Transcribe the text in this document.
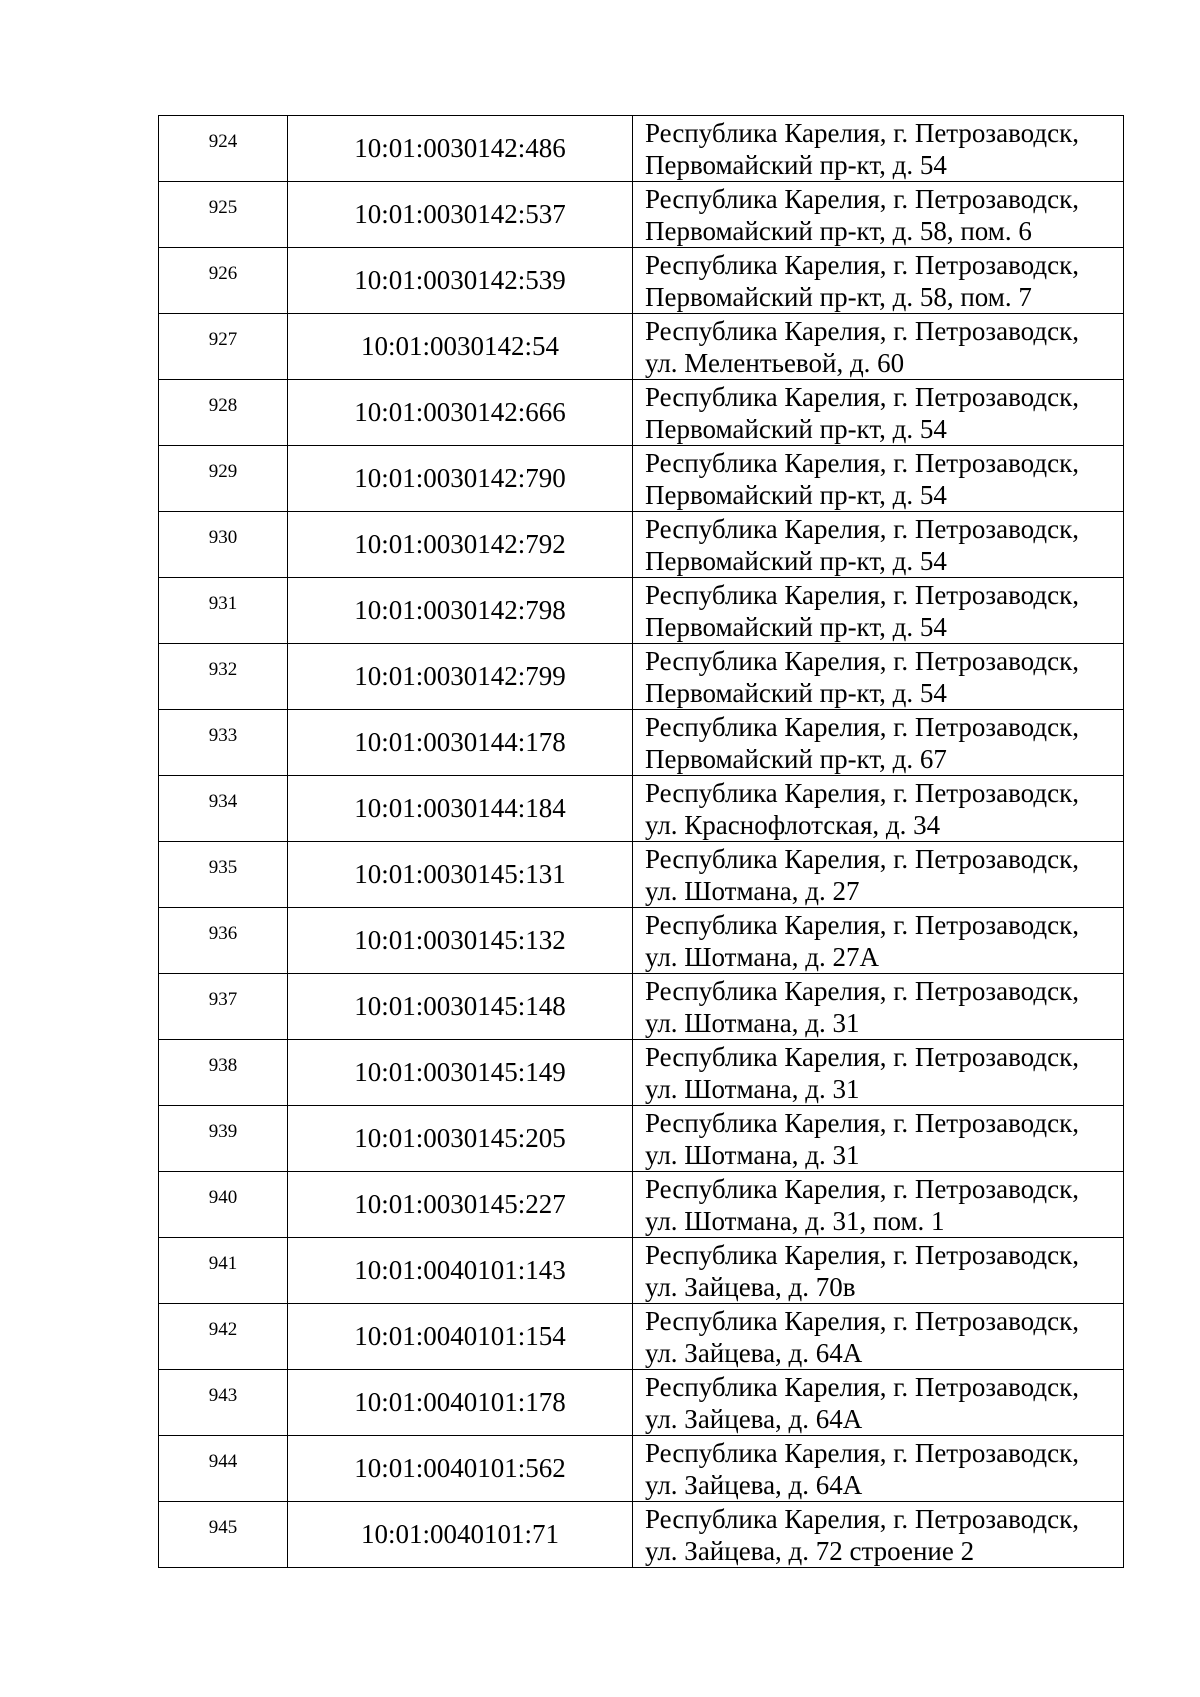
924	10:01:0030142:486	Республика Карелия, г. Петрозаводск,
Первомайский пр-кт, д. 54

925	10:01:0030142:537	Республика Карелия, г. Петрозаводск,
Первомайский пр-кт, д. 58, пом. 6

926	10:01:0030142:539	Республика Карелия, г. Петрозаводск,
Первомайский пр-кт, д. 58, пом. 7

927	10:01:0030142:54	Республика Карелия, г. Петрозаводск,
ул. Мелентьевой, д. 60

928	10:01:0030142:666	Республика Карелия, г. Петрозаводск,
Первомайский пр-кт, д. 54

929	10:01:0030142:790	Республика Карелия, г. Петрозаводск,
Первомайский пр-кт, д. 54

930	10:01:0030142:792	Республика Карелия, г. Петрозаводск,
Первомайский пр-кт, д. 54

931	10:01:0030142:798	Республика Карелия, г. Петрозаводск,
Первомайский пр-кт, д. 54

932	10:01:0030142:799	Республика Карелия, г. Петрозаводск,
Первомайский пр-кт, д. 54

933	10:01:0030144:178	Республика Карелия, г. Петрозаводск,
Первомайский пр-кт, д. 67

934	10:01:0030144:184	Республика Карелия, г. Петрозаводск,
ул. Краснофлотская, д. 34

935	10:01:0030145:131	Республика Карелия, г. Петрозаводск,
ул. Шотмана, д. 27

936	10:01:0030145:132	Республика Карелия, г. Петрозаводск,
ул. Шотмана, д. 27А

937	10:01:0030145:148	Республика Карелия, г. Петрозаводск,
ул. Шотмана, д. 31

938	10:01:0030145:149	Республика Карелия, г. Петрозаводск,
ул. Шотмана, д. 31

939	10:01:0030145:205	Республика Карелия, г. Петрозаводск,
ул. Шотмана, д. 31

940	10:01:0030145:227	Республика Карелия, г. Петрозаводск,
ул. Шотмана, д. 31, пом. 1

941	10:01:0040101:143	Республика Карелия, г. Петрозаводск,
ул. Зайцева, д. 70в

942	10:01:0040101:154	Республика Карелия, г. Петрозаводск,
ул. Зайцева, д. 64А

943	10:01:0040101:178	Республика Карелия, г. Петрозаводск,
ул. Зайцева, д. 64А

944	10:01:0040101:562	Республика Карелия, г. Петрозаводск,
ул. Зайцева, д. 64А

945	10:01:0040101:71	Республика Карелия, г. Петрозаводск,
ул. Зайцева, д. 72 строение 2
